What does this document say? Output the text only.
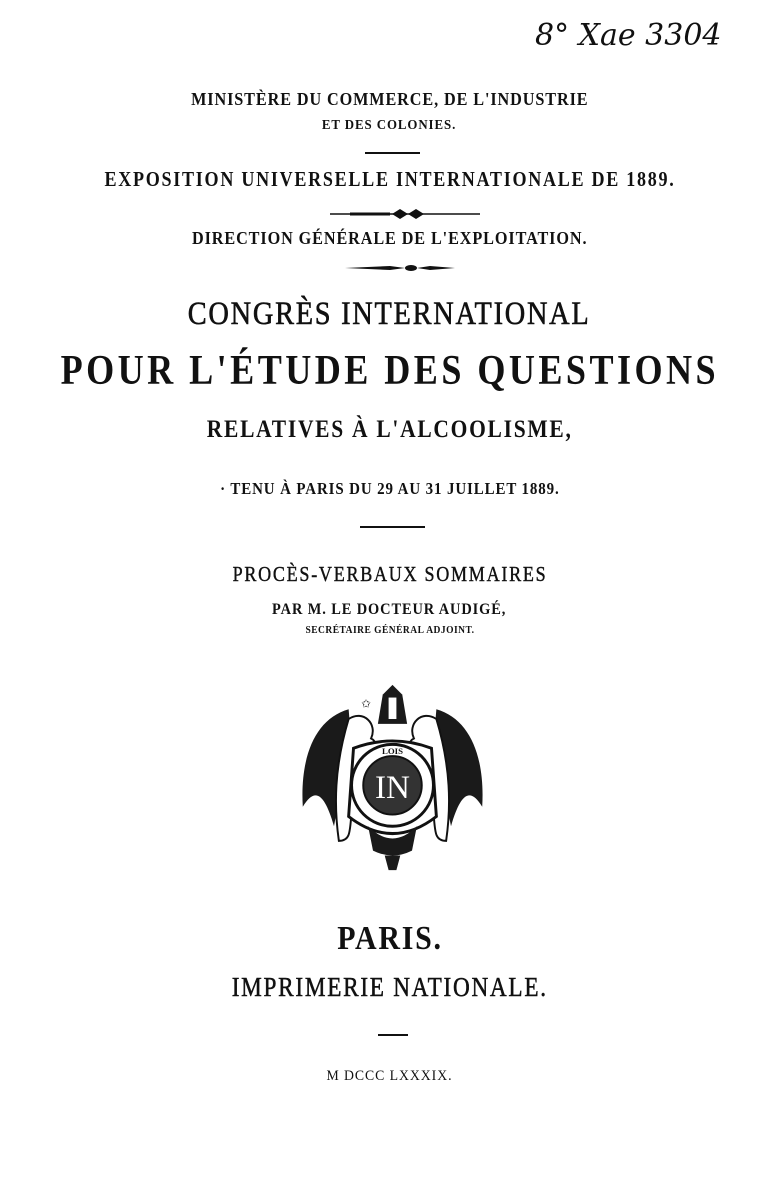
8° Xae 3304
MINISTÈRE DU COMMERCE, DE L'INDUSTRIE
ET DES COLONIES.
EXPOSITION UNIVERSELLE INTERNATIONALE DE 1889.
DIRECTION GÉNÉRALE DE L'EXPLOITATION.
CONGRÈS INTERNATIONAL
POUR L'ÉTUDE DES QUESTIONS
RELATIVES À L'ALCOOLISME,
· TENU À PARIS DU 29 AU 31 JUILLET 1889.
PROCÈS-VERBAUX SOMMAIRES
PAR M. LE DOCTEUR AUDIGÉ,
SECRÉTAIRE GÉNÉRAL ADJOINT.
✩
IN
LOIS
PARIS.
IMPRIMERIE NATIONALE.
M DCCC LXXXIX.
